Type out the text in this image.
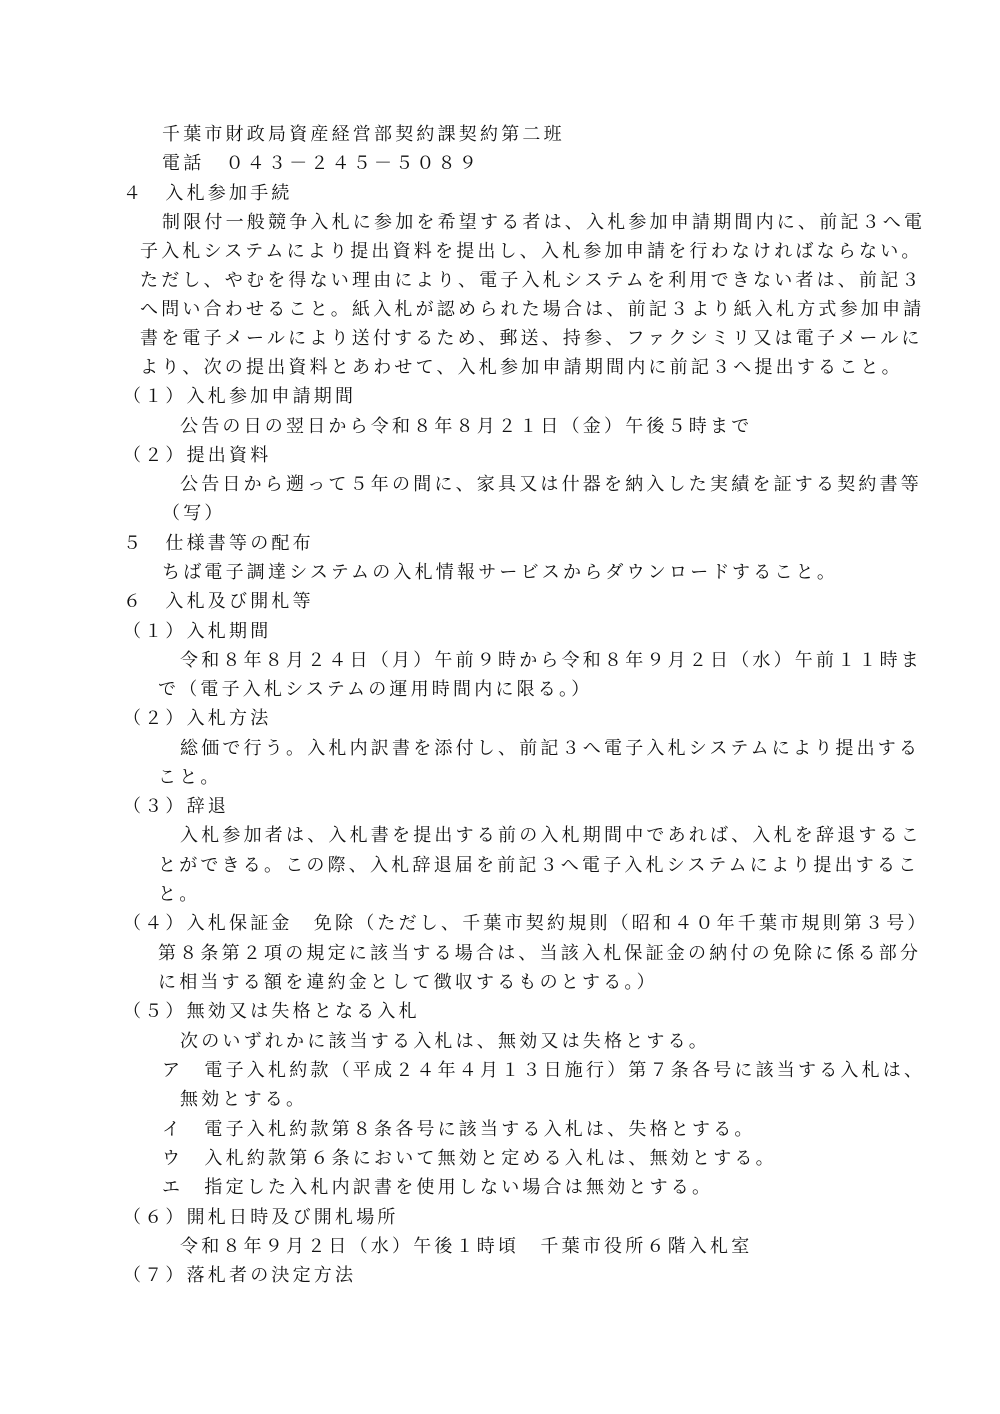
千葉市財政局資産経営部契約課契約第二班

電話　０４３－２４５－５０８９

４　入札参加手続

制限付一般競争入札に参加を希望する者は、入札参加申請期間内に、前記３へ電

子入札システムにより提出資料を提出し、入札参加申請を行わなければならない。

ただし、やむを得ない理由により、電子入札システムを利用できない者は、前記３

へ問い合わせること。紙入札が認められた場合は、前記３より紙入札方式参加申請

書を電子メールにより送付するため、郵送、持参、ファクシミリ又は電子メールに

より、次の提出資料とあわせて、入札参加申請期間内に前記３へ提出すること。

（１）入札参加申請期間

公告の日の翌日から令和８年８月２１日（金）午後５時まで

（２）提出資料

公告日から遡って５年の間に、家具又は什器を納入した実績を証する契約書等

（写）

５　仕様書等の配布

ちば電子調達システムの入札情報サービスからダウンロードすること。

６　入札及び開札等

（１）入札期間

令和８年８月２４日（月）午前９時から令和８年９月２日（水）午前１１時ま

で（電子入札システムの運用時間内に限る。）

（２）入札方法

総価で行う。入札内訳書を添付し、前記３へ電子入札システムにより提出する

こと。

（３）辞退

入札参加者は、入札書を提出する前の入札期間中であれば、入札を辞退するこ

とができる。この際、入札辞退届を前記３へ電子入札システムにより提出するこ

と。

（４）入札保証金　免除（ただし、千葉市契約規則（昭和４０年千葉市規則第３号）

第８条第２項の規定に該当する場合は、当該入札保証金の納付の免除に係る部分

に相当する額を違約金として徴収するものとする。）

（５）無効又は失格となる入札

次のいずれかに該当する入札は、無効又は失格とする。

ア　電子入札約款（平成２４年４月１３日施行）第７条各号に該当する入札は、

無効とする。

イ　電子入札約款第８条各号に該当する入札は、失格とする。

ウ　入札約款第６条において無効と定める入札は、無効とする。

エ　指定した入札内訳書を使用しない場合は無効とする。

（６）開札日時及び開札場所

令和８年９月２日（水）午後１時頃　千葉市役所６階入札室

（７）落札者の決定方法
